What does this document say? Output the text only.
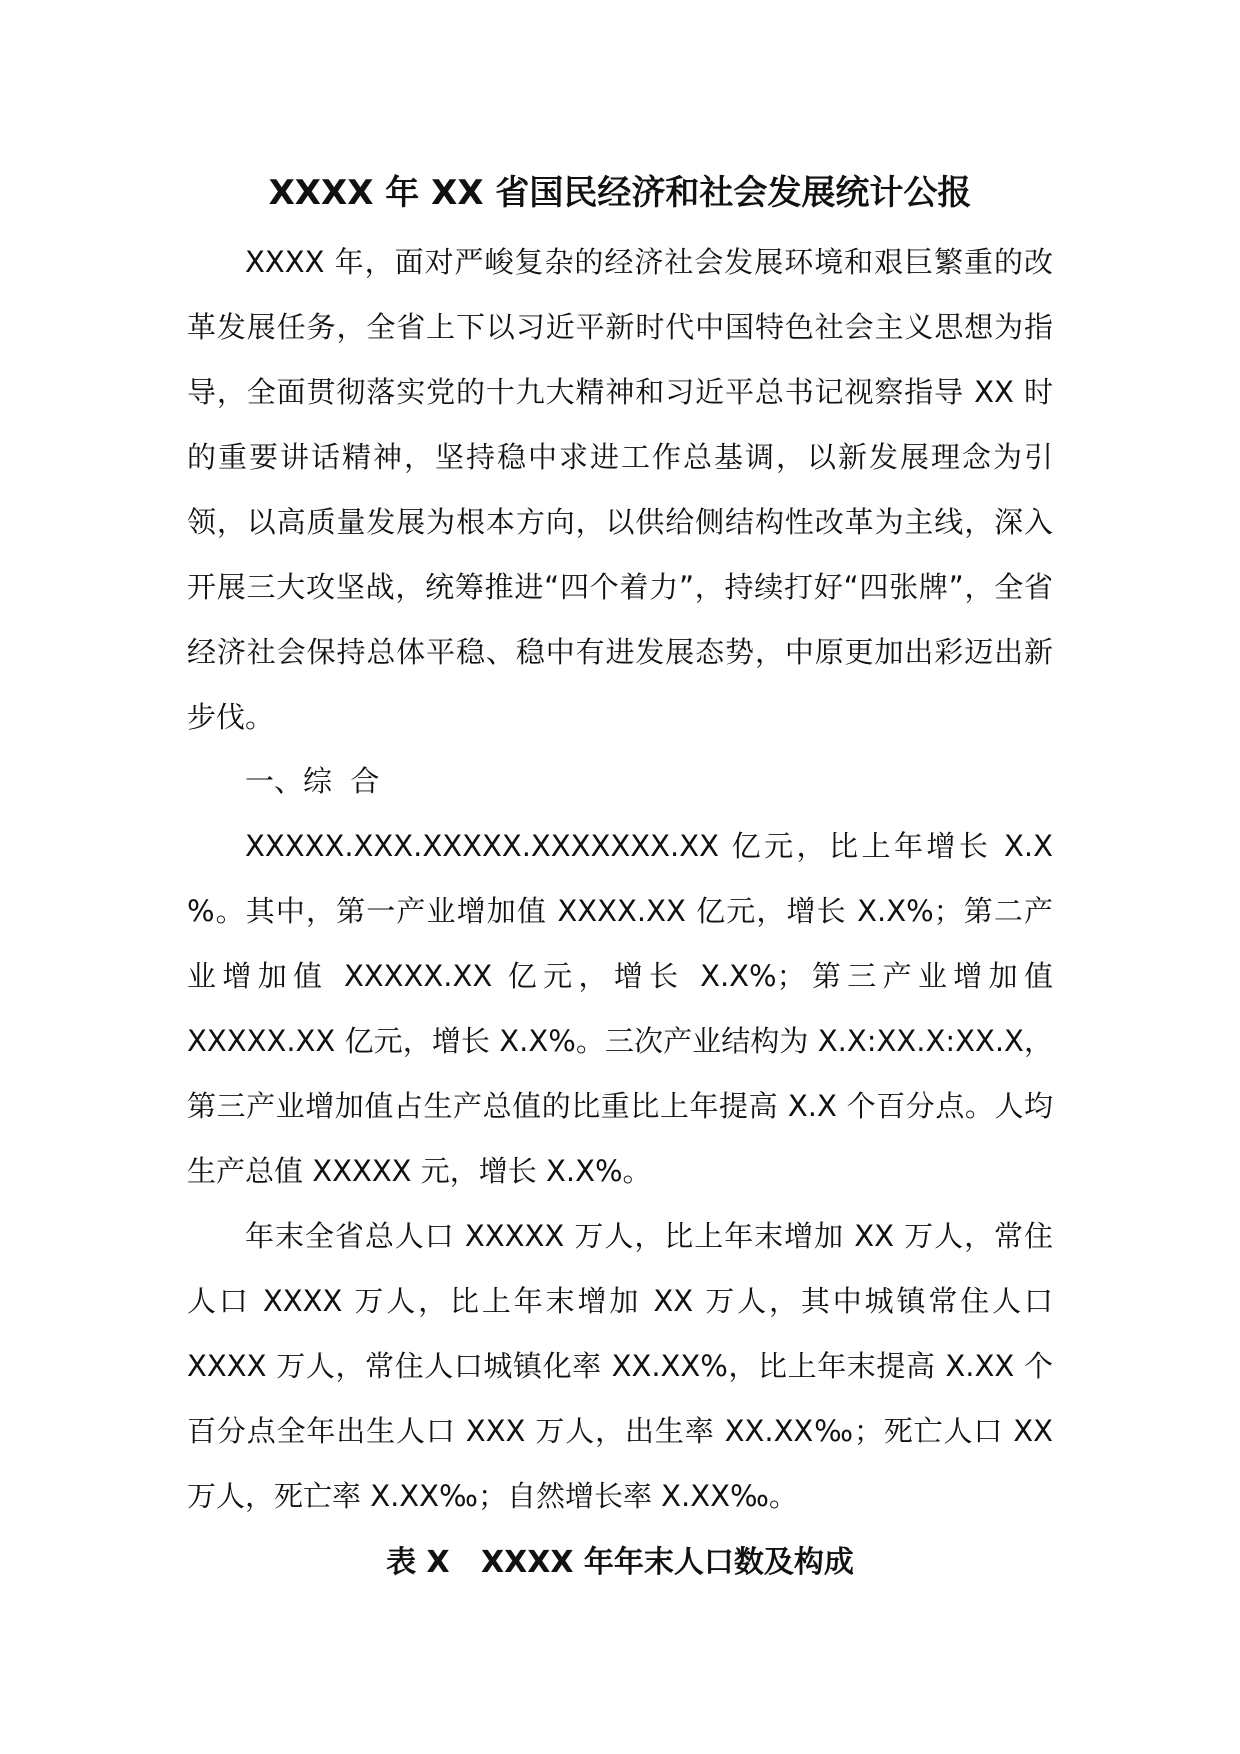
XXXX 年 XX 省国民经济和社会发展统计公报

XXXX 年，面对严峻复杂的经济社会发展环境和艰巨繁重的改革发展任务，全省上下以习近平新时代中国特色社会主义思想为指导，全面贯彻落实党的十九大精神和习近平总书记视察指导 XX 时的重要讲话精神，坚持稳中求进工作总基调，以新发展理念为引领，以高质量发展为根本方向，以供给侧结构性改革为主线，深入开展三大攻坚战，统筹推进“四个着力”，持续打好“四张牌”，全省经济社会保持总体平稳、稳中有进发展态势，中原更加出彩迈出新步伐。

一、综  合

XXXXX.XXX.XXXXX.XXXXXXX.XX 亿元，比上年增长 X.X %。其中，第一产业增加值 XXXX.XX 亿元，增长 X.X%；第二产业增加值 XXXXX.XX 亿元，增长 X.X%；第三产业增加值 XXXXX.XX 亿元，增长 X.X%。三次产业结构为 X.X:XX.X:XX.X，第三产业增加值占生产总值的比重比上年提高 X.X 个百分点。人均生产总值 XXXXX 元，增长 X.X%。

年末全省总人口 XXXXX 万人，比上年末增加 XX 万人，常住人口 XXXX 万人，比上年末增加 XX 万人，其中城镇常住人口 XXXX 万人，常住人口城镇化率 XX.XX%，比上年末提高 X.XX 个百分点全年出生人口 XXX 万人，出生率 XX.XX‰；死亡人口 XX 万人，死亡率 X.XX‰；自然增长率 X.XX‰。

表 X   XXXX 年年末人口数及构成
